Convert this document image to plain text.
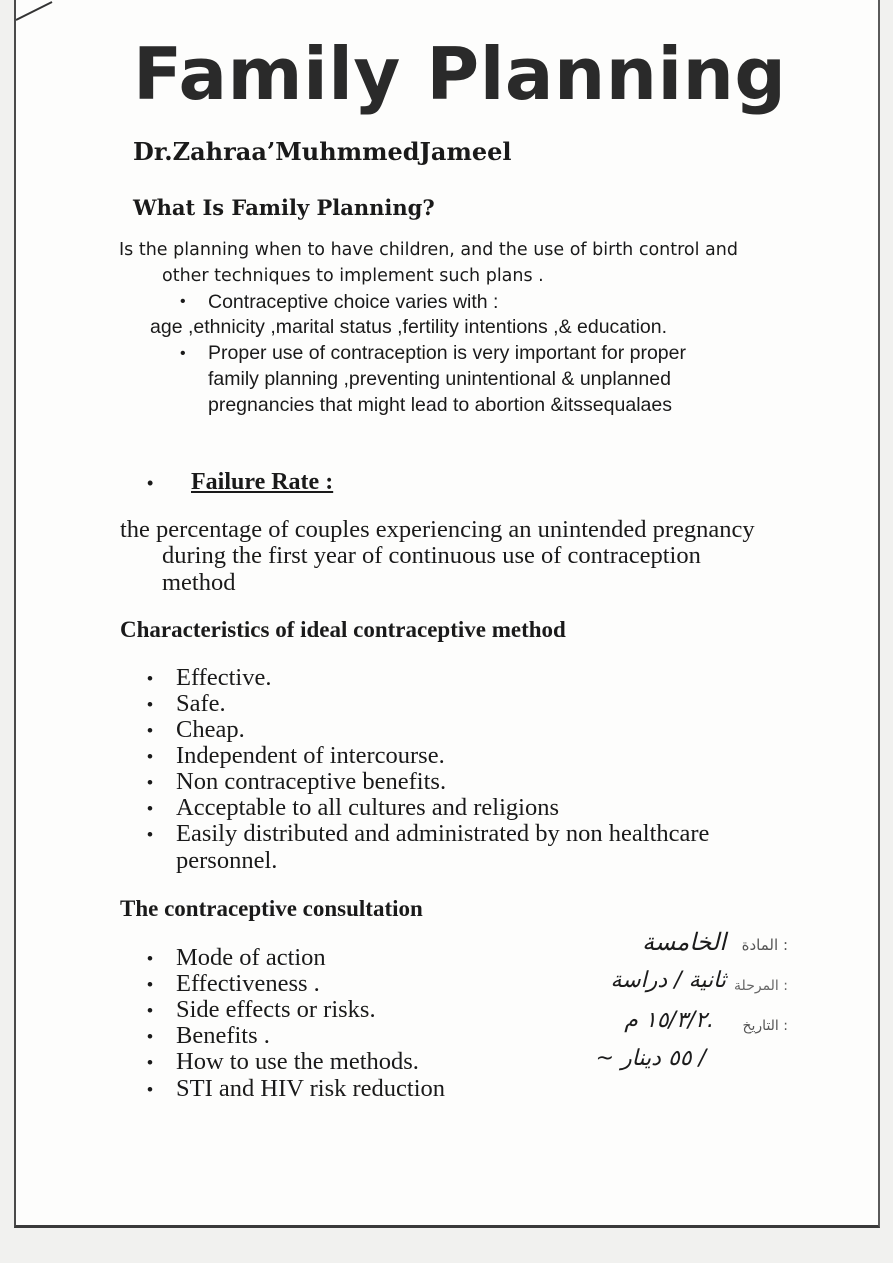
Family Planning
Dr.Zahraa’MuhmmedJameel
What Is Family Planning?
Is the planning when to have children, and the use of birth control and
other techniques to implement such plans .
• Contraceptive choice varies with :
age ,ethnicity ,marital status ,fertility intentions ,& education.
• Proper use of contraception is very important for proper
family planning ,preventing unintentional & unplanned
pregnancies that might lead to abortion &itssequalaes
• Failure Rate :
the percentage of couples experiencing an unintended pregnancy
during the first year of continuous use of contraception
method
Characteristics of ideal contraceptive method
• Effective.
• Safe.
• Cheap.
• Independent of intercourse.
• Non contraceptive benefits.
• Acceptable to all cultures and religions
• Easily distributed and administrated by non healthcare
personnel.
The contraceptive consultation
• Mode of action
• Effectiveness .
• Side effects or risks.
• Benefits .
• How to use the methods.
• STI and HIV risk reduction
المادة :
الخامسة
المرحلة :
ثانية / دراسة
التاريخ :
١٥/٣/٢ م.
~ ٥٥ دينار /
